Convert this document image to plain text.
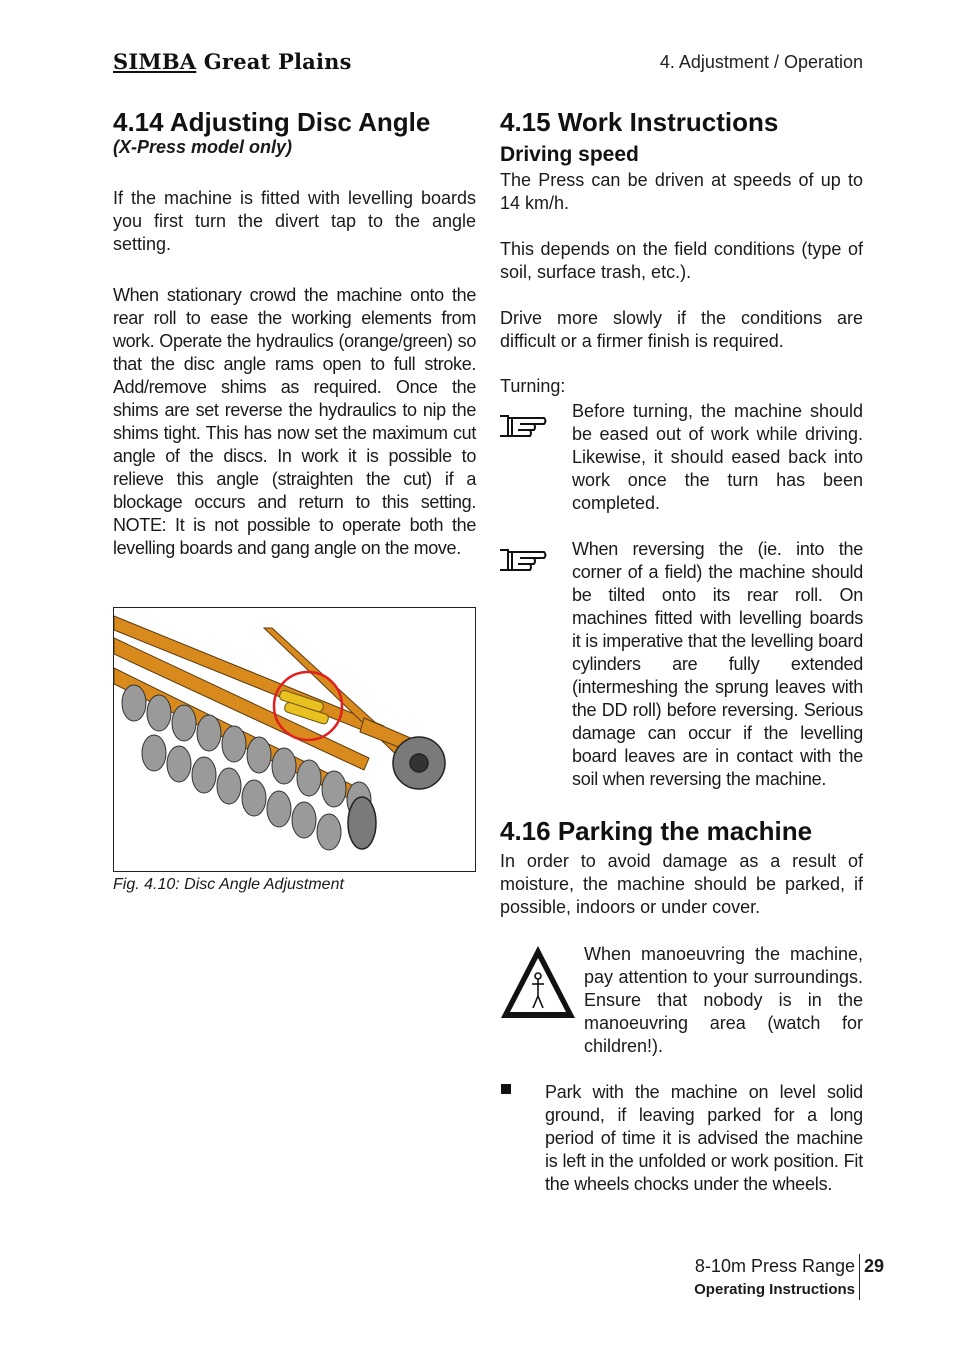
SIMBA Great Plains	4. Adjustment / Operation
4.14 Adjusting Disc Angle
(X-Press model only)

If the machine is fitted with levelling boards you first turn the divert tap to the angle setting.

When stationary crowd the machine onto the rear roll to ease the working elements from work. Operate the hydraulics (orange/green) so that the disc angle rams open to full stroke. Add/remove shims as required. Once the shims are set reverse the hydraulics to nip the shims tight. This has now set the maximum cut angle of the discs. In work it is possible to relieve this angle (straighten the cut) if a blockage occurs and return to this setting. NOTE: It is not possible to operate both the levelling boards and gang angle on the move.

Fig. 4.10: Disc Angle Adjustment
4.15 Work Instructions
Driving speed

The Press can be driven at speeds of up to 14 km/h.

This depends on the field conditions (type of soil, surface trash, etc.).

Drive more slowly if the conditions are difficult or a firmer finish is required.

Turning:

Before turning, the machine should be eased out of work while driving. Likewise, it should eased back into work once the turn has been completed.

When reversing the (ie. into the corner of a field) the machine should be tilted onto its rear roll. On machines fitted with levelling boards it is imperative that the levelling board cylinders are fully extended (intermeshing the sprung leaves with the DD roll) before reversing. Serious damage can occur if the levelling board leaves are in contact with the soil when reversing the machine.

4.16 Parking the machine

In order to avoid damage as a result of moisture, the machine should be parked, if possible, indoors or under cover.

When manoeuvring the machine, pay attention to your surroundings. Ensure that nobody is in the manoeuvring area (watch for children!).

Park with the machine on level solid ground, if leaving parked for a long period of time it is advised the machine is left in the unfolded or work position. Fit the wheels chocks under the wheels.

8-10m Press Range 29
Operating Instructions
